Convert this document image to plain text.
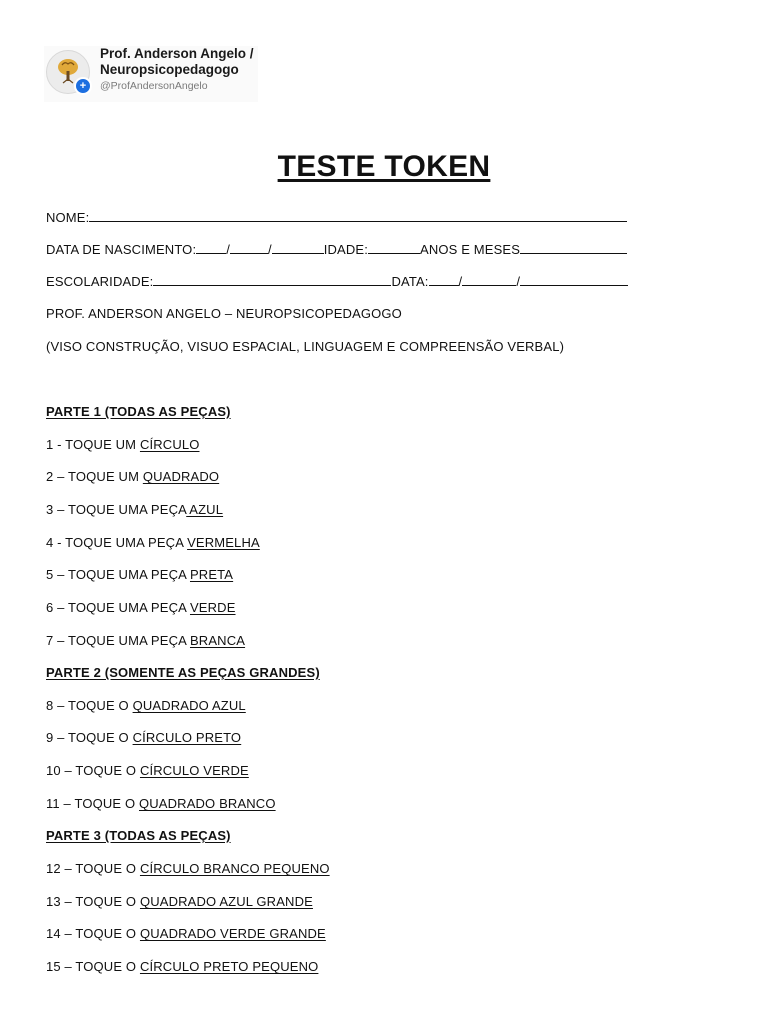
+
Prof. Anderson Angelo /
Neuropsicopedagogo
@ProfAndersonAngelo
TESTE TOKEN
NOME:
DATA DE NASCIMENTO: /	/	IDADE:	ANOS E MESES
ESCOLARIDADE:	DATA: /	/
PROF. ANDERSON ANGELO – NEUROPSICOPEDAGOGO
(VISO CONSTRUÇÃO, VISUO ESPACIAL, LINGUAGEM E COMPREENSÃO VERBAL)
PARTE 1 (TODAS AS PEÇAS)
1 - TOQUE UM CÍRCULO
2 – TOQUE UM QUADRADO
3 – TOQUE UMA PEÇA AZUL
4 - TOQUE UMA PEÇA VERMELHA
5 – TOQUE UMA PEÇA PRETA
6 – TOQUE UMA PEÇA VERDE
7 – TOQUE UMA PEÇA BRANCA
PARTE 2 (SOMENTE AS PEÇAS GRANDES)
8 – TOQUE O QUADRADO AZUL
9 – TOQUE O CÍRCULO PRETO
10 – TOQUE O CÍRCULO VERDE
11 – TOQUE O QUADRADO BRANCO
PARTE 3 (TODAS AS PEÇAS)
12 – TOQUE O CÍRCULO BRANCO PEQUENO
13 – TOQUE O QUADRADO AZUL GRANDE
14 – TOQUE O QUADRADO VERDE GRANDE
15 – TOQUE O CÍRCULO PRETO PEQUENO
